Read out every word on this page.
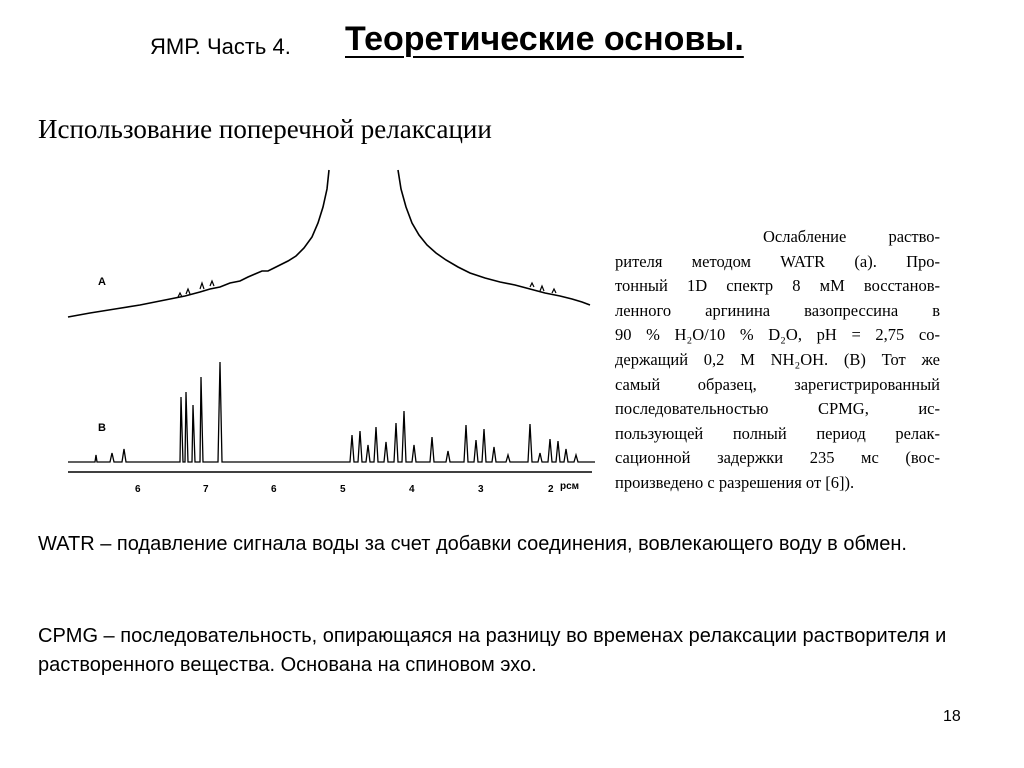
ЯМР. Часть 4. Теоретические основы.
Использование поперечной релаксации
A
B
6	7	6	5	4	3	2 рсм
Ослабление раство-
рителя методом WATR (a). Про-
тонный 1D спектр 8 мМ восстанов-
ленного аргинина вазопрессина в
90 % H₂O/10 % D₂O, pH = 2,75 со-
держащий 0,2 М NH₂OH. (B) Тот же
самый образец, зарегистрированный
последовательностью CPMG, ис-
пользующей полный период релак-
сационной задержки 235 мс (вос-
произведено с разрешения от [6]).
WATR – подавление сигнала воды за счет добавки соединения, вовлекающего воду в обмен.
CPMG – последовательность, опирающаяся на разницу во временах релаксации растворителя и растворенного вещества. Основана на спиновом эхо.
18
